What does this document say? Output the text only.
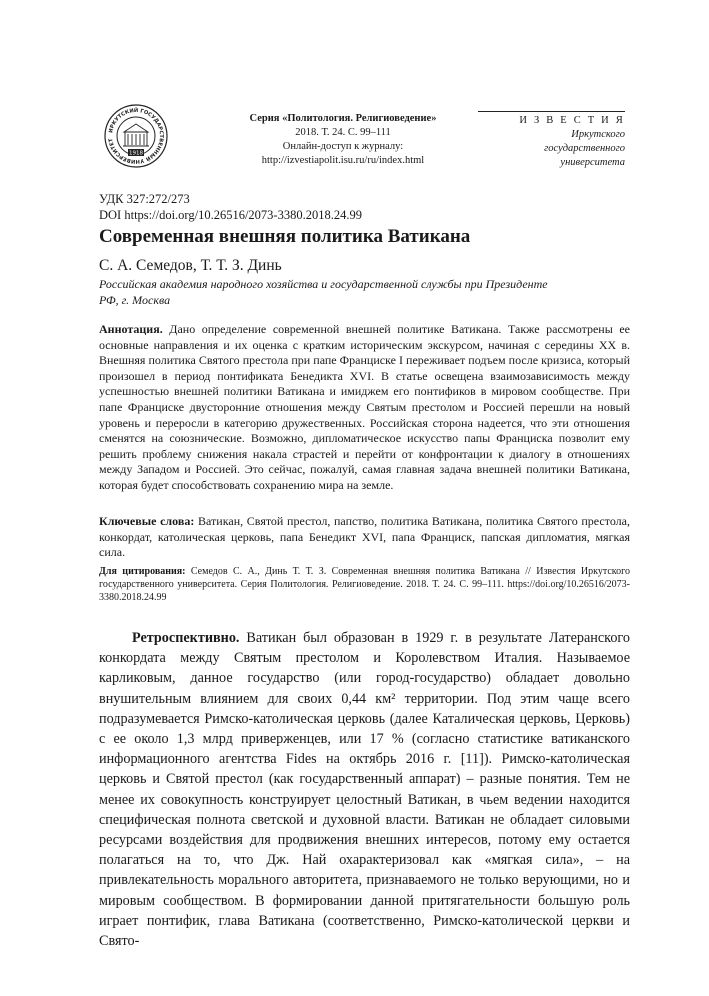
ИРКУТСКИЙ ГОСУДАРСТВЕННЫЙ УНИВЕРСИТЕТ
1918
Серия «Политология. Религиоведение»
2018. Т. 24. С. 99–111
Онлайн-доступ к журналу:
http://izvestiapolit.isu.ru/ru/index.html
И З В Е С Т И Я
Иркутского
государственного
университета
УДК 327:272/273
DOI https://doi.org/10.26516/2073-3380.2018.24.99
Современная внешняя политика Ватикана
С. А. Семедов, Т. Т. З. Динь
Российская академия народного хозяйства и государственной службы при Президенте РФ, г. Москва
Аннотация. Дано определение современной внешней политике Ватикана. Также рассмотрены ее основные направления и их оценка с кратким историческим экскурсом, начиная с середины XX в. Внешняя политика Святого престола при папе Франциске I переживает подъем после кризиса, который произошел в период понтификата Бенедикта XVI. В статье освещена взаимозависимость между успешностью внешней политики Ватикана и имиджем его понтификов в мировом сообществе. При папе Франциске двусторонние отношения между Святым престолом и Россией перешли на новый уровень и переросли в категорию дружественных. Российская сторона надеется, что эти отношения сменятся на союзнические. Возможно, дипломатическое искусство папы Франциска позволит ему решить проблему снижения накала страстей и перейти от конфронтации к диалогу в отношениях между Западом и Россией. Это сейчас, пожалуй, самая главная задача внешней политики Ватикана, которая будет способствовать сохранению мира на земле.
Ключевые слова: Ватикан, Святой престол, папство, политика Ватикана, политика Святого престола, конкордат, католическая церковь, папа Бенедикт XVI, папа Франциск, папская дипломатия, мягкая сила.
Для цитирования: Семедов С. А., Динь Т. Т. З. Современная внешняя политика Ватикана // Известия Иркутского государственного университета. Серия Политология. Религиоведение. 2018. Т. 24. С. 99–111. https://doi.org/10.26516/2073-3380.2018.24.99

Ретроспективно. Ватикан был образован в 1929 г. в результате Латеранского конкордата между Святым престолом и Королевством Италия. Называемое карликовым, данное государство (или город-государство) обладает довольно внушительным влиянием для своих 0,44 км² территории. Под этим чаще всего подразумевается Римско-католическая церковь (далее Каталическая церковь, Церковь) с ее около 1,3 млрд приверженцев, или 17 % (согласно статистике ватиканского информационного агентства Fides на октябрь 2016 г. [11]). Римско-католическая церковь и Святой престол (как государственный аппарат) – разные понятия. Тем не менее их совокупность конструирует целостный Ватикан, в чьем ведении находится специфическая полнота светской и духовной власти. Ватикан не обладает силовыми ресурсами воздействия для продвижения внешних интересов, потому ему остается полагаться на то, что Дж. Най охарактеризовал как «мягкая сила», – на привлекательность морального авторитета, признаваемого не только верующими, но и мировым сообществом. В формировании данной притягательности большую роль играет понтифик, глава Ватикана (соответственно, Римско-католической церкви и Свято-
